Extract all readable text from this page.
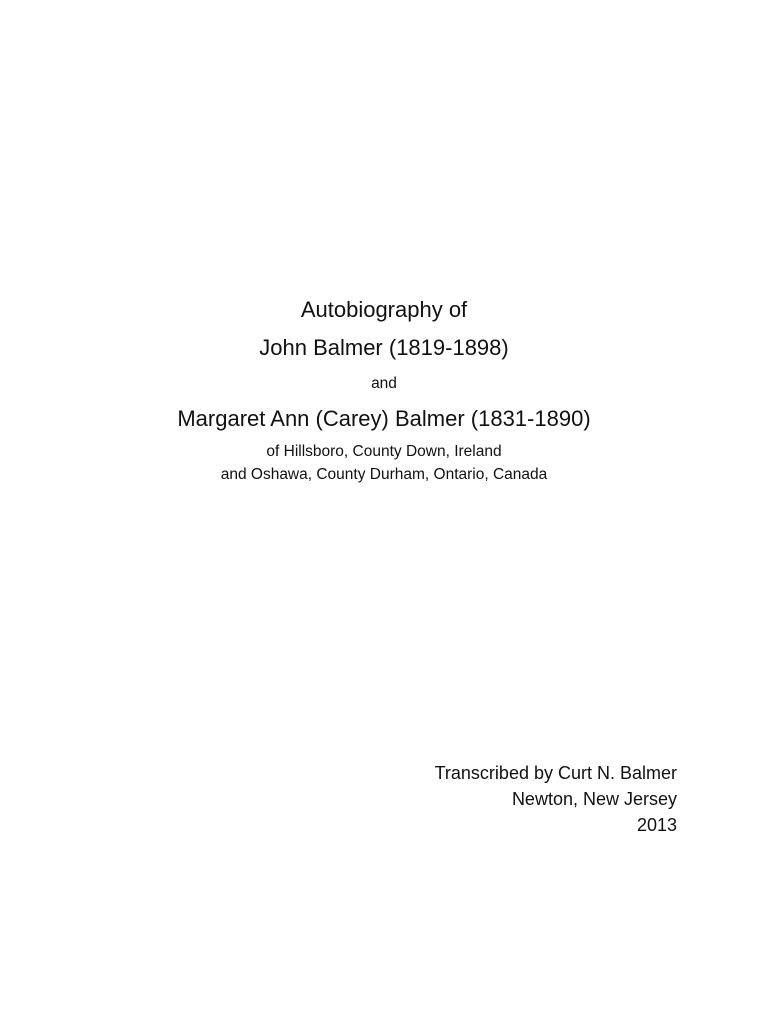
Autobiography of

John Balmer (1819-1898)

and

Margaret Ann (Carey) Balmer (1831-1890)

of Hillsboro, County Down, Ireland

and Oshawa, County Durham, Ontario, Canada

Transcribed by Curt N. Balmer

Newton, New Jersey

2013
